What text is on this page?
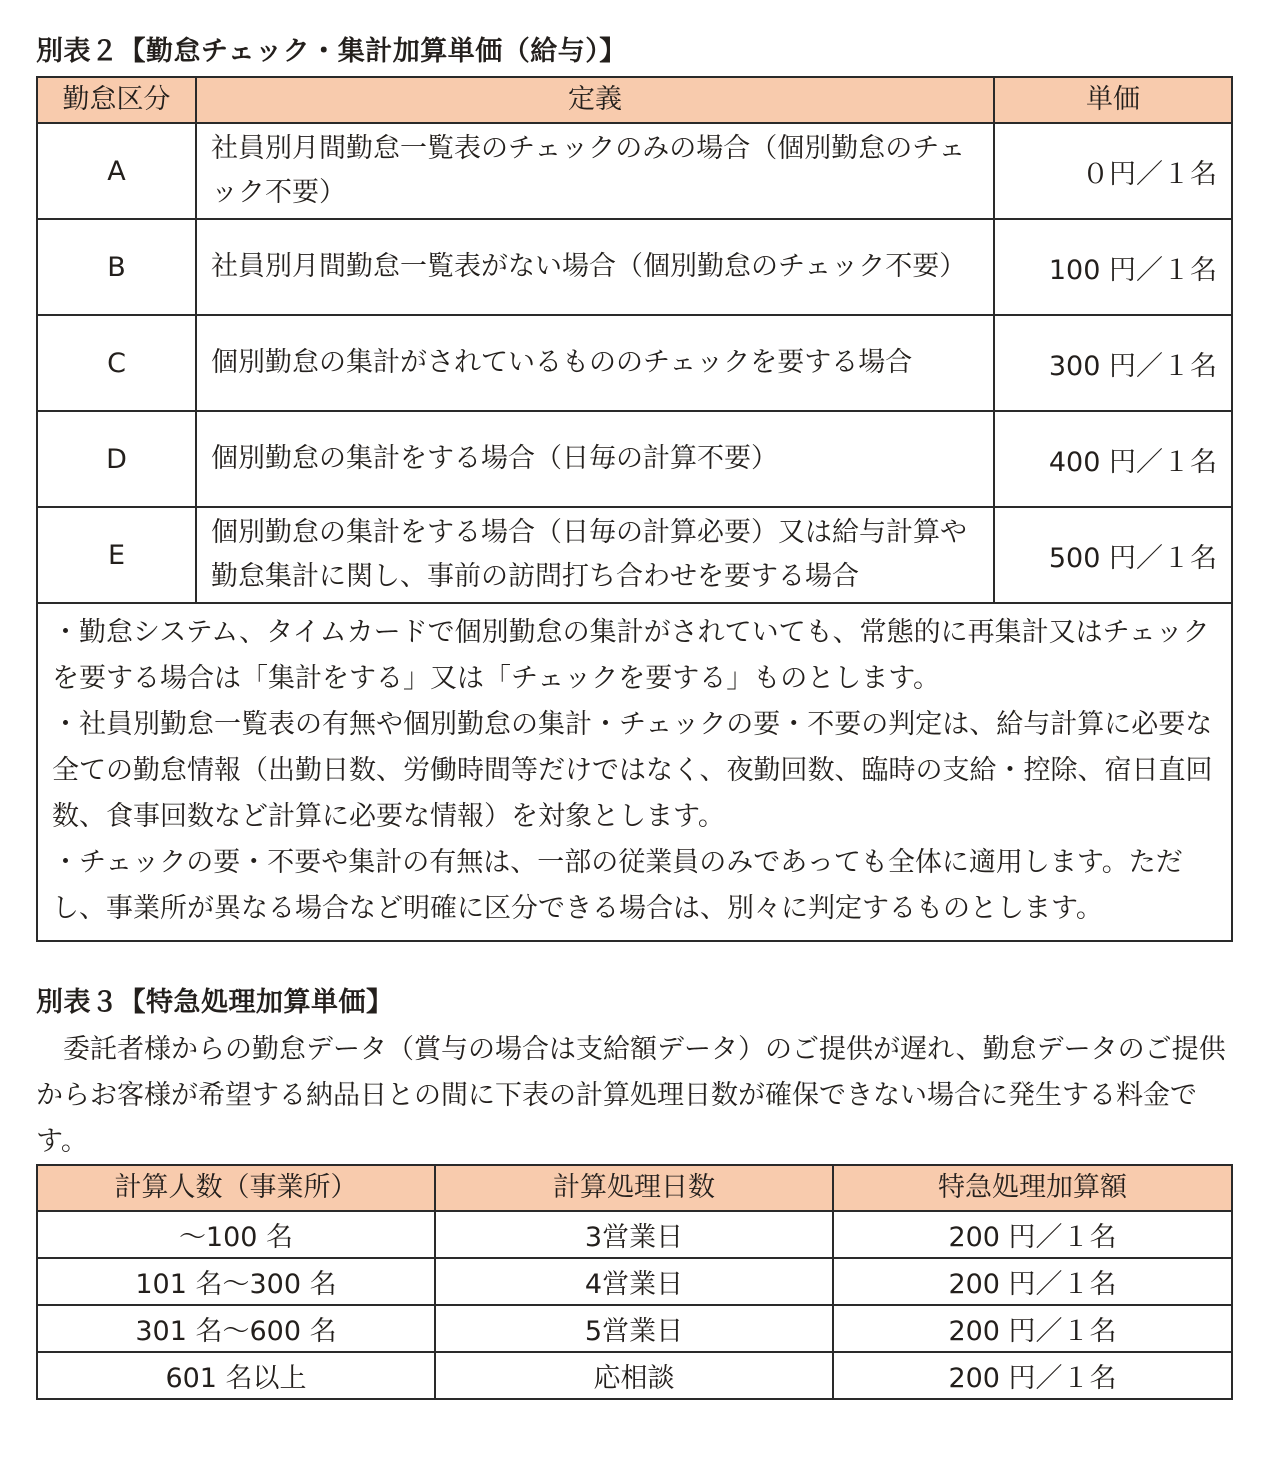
別表２【勤怠チェック・集計加算単価（給与）】
勤怠区分	定義	単価
A	社員別月間勤怠一覧表のチェックのみの場合（個別勤怠のチェック不要）	０円／１名
B	社員別月間勤怠一覧表がない場合（個別勤怠のチェック不要）	100 円／１名
C	個別勤怠の集計がされているもののチェックを要する場合	300 円／１名
D	個別勤怠の集計をする場合（日毎の計算不要）	400 円／１名
E	個別勤怠の集計をする場合（日毎の計算必要）又は給与計算や勤怠集計に関し、事前の訪問打ち合わせを要する場合	500 円／１名

・勤怠システム、タイムカードで個別勤怠の集計がされていても、常態的に再集計又はチェックを要する場合は「集計をする」又は「チェックを要する」ものとします。

・社員別勤怠一覧表の有無や個別勤怠の集計・チェックの要・不要の判定は、給与計算に必要な全ての勤怠情報（出勤日数、労働時間等だけではなく、夜勤回数、臨時の支給・控除、宿日直回数、食事回数など計算に必要な情報）を対象とします。

・チェックの要・不要や集計の有無は、一部の従業員のみであっても全体に適用します。ただし、事業所が異なる場合など明確に区分できる場合は、別々に判定するものとします。		

別表３【特急処理加算単価】

委託者様からの勤怠データ（賞与の場合は支給額データ）のご提供が遅れ、勤怠データのご提供からお客様が希望する納品日との間に下表の計算処理日数が確保できない場合に発生する料金です。

計算人数（事業所）	計算処理日数	特急処理加算額
～100 名	3営業日	200 円／１名
101 名～300 名	4営業日	200 円／１名
301 名～600 名	5営業日	200 円／１名
601 名以上	応相談	200 円／１名
